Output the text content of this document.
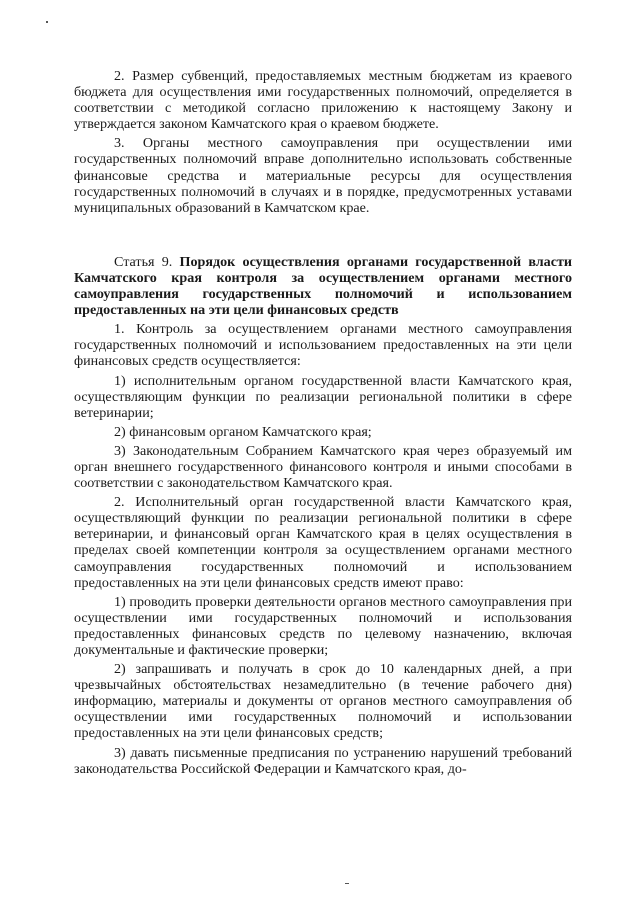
2. Размер субвенций, предоставляемых местным бюджетам из краевого бюджета для осуществления ими государственных полномочий, определяется в соответствии с методикой согласно приложению к настоящему Закону и утверждается законом Камчатского края о краевом бюджете.

3. Органы местного самоуправления при осуществлении ими государственных полномочий вправе дополнительно использовать собственные финансовые средства и материальные ресурсы для осуществления государственных полномочий в случаях и в порядке, предусмотренных уставами муниципальных образований в Камчатском крае.

Статья 9. Порядок осуществления органами государственной власти Камчатского края контроля за осуществлением органами местного самоуправления государственных полномочий и использованием предоставленных на эти цели финансовых средств

1. Контроль за осуществлением органами местного самоуправления государственных полномочий и использованием предоставленных на эти цели финансовых средств осуществляется:

1) исполнительным органом государственной власти Камчатского края, осуществляющим функции по реализации региональной политики в сфере ветеринарии;

2) финансовым органом Камчатского края;

3) Законодательным Собранием Камчатского края через образуемый им орган внешнего государственного финансового контроля и иными способами в соответствии с законодательством Камчатского края.

2. Исполнительный орган государственной власти Камчатского края, осуществляющий функции по реализации региональной политики в сфере ветеринарии, и финансовый орган Камчатского края в целях осуществления в пределах своей компетенции контроля за осуществлением органами местного самоуправления государственных полномочий и использованием предоставленных на эти цели финансовых средств имеют право:

1) проводить проверки деятельности органов местного самоуправления при осуществлении ими государственных полномочий и использования предоставленных финансовых средств по целевому назначению, включая документальные и фактические проверки;

2) запрашивать и получать в срок до 10 календарных дней, а при чрезвычайных обстоятельствах незамедлительно (в течение рабочего дня) информацию, материалы и документы от органов местного самоуправления об осуществлении ими государственных полномочий и использовании предоставленных на эти цели финансовых средств;

3) давать письменные предписания по устранению нарушений требований законодательства Российской Федерации и Камчатского края, до-
